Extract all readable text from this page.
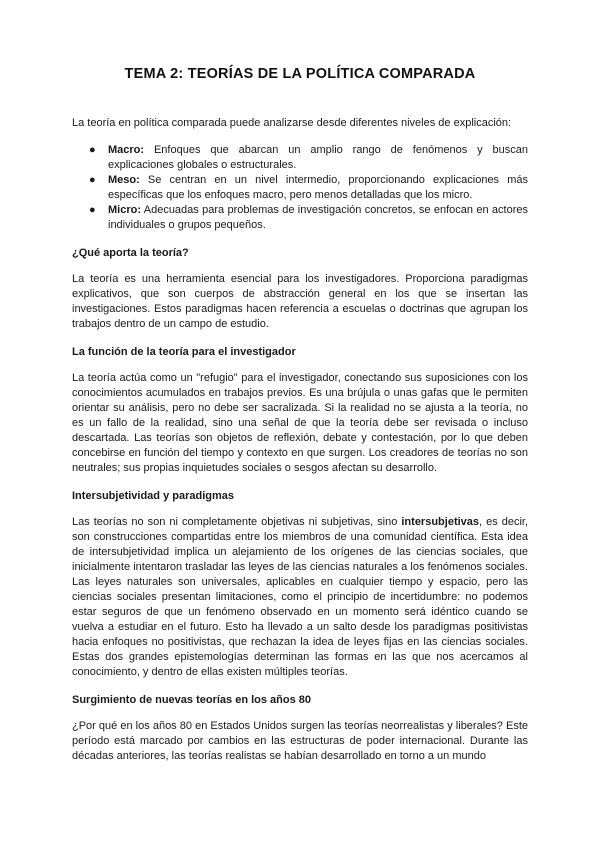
TEMA 2: TEORÍAS DE LA POLÍTICA COMPARADA

La teoría en política comparada puede analizarse desde diferentes niveles de explicación:

● Macro: Enfoques que abarcan un amplio rango de fenómenos y buscan explicaciones globales o estructurales.
● Meso: Se centran en un nivel intermedio, proporcionando explicaciones más específicas que los enfoques macro, pero menos detalladas que los micro.
● Micro: Adecuadas para problemas de investigación concretos, se enfocan en actores individuales o grupos pequeños.
¿Qué aporta la teoría?

La teoría es una herramienta esencial para los investigadores. Proporciona paradigmas explicativos, que son cuerpos de abstracción general en los que se insertan las investigaciones. Estos paradigmas hacen referencia a escuelas o doctrinas que agrupan los trabajos dentro de un campo de estudio.

La función de la teoría para el investigador

La teoría actúa como un "refugio" para el investigador, conectando sus suposiciones con los conocimientos acumulados en trabajos previos. Es una brújula o unas gafas que le permiten orientar su análisis, pero no debe ser sacralizada. Si la realidad no se ajusta a la teoría, no es un fallo de la realidad, sino una señal de que la teoría debe ser revisada o incluso descartada. Las teorías son objetos de reflexión, debate y contestación, por lo que deben concebirse en función del tiempo y contexto en que surgen. Los creadores de teorías no son neutrales; sus propias inquietudes sociales o sesgos afectan su desarrollo.

Intersubjetividad y paradigmas

Las teorías no son ni completamente objetivas ni subjetivas, sino intersubjetivas, es decir, son construcciones compartidas entre los miembros de una comunidad científica. Esta idea de intersubjetividad implica un alejamiento de los orígenes de las ciencias sociales, que inicialmente intentaron trasladar las leyes de las ciencias naturales a los fenómenos sociales. Las leyes naturales son universales, aplicables en cualquier tiempo y espacio, pero las ciencias sociales presentan limitaciones, como el principio de incertidumbre: no podemos estar seguros de que un fenómeno observado en un momento será idéntico cuando se vuelva a estudiar en el futuro. Esto ha llevado a un salto desde los paradigmas positivistas hacia enfoques no positivistas, que rechazan la idea de leyes fijas en las ciencias sociales. Estas dos grandes epistemologías determinan las formas en las que nos acercamos al conocimiento, y dentro de ellas existen múltiples teorías.

Surgimiento de nuevas teorías en los años 80

¿Por qué en los años 80 en Estados Unidos surgen las teorías neorrealistas y liberales? Este período está marcado por cambios en las estructuras de poder internacional. Durante las décadas anteriores, las teorías realistas se habían desarrollado en torno a un mundo
